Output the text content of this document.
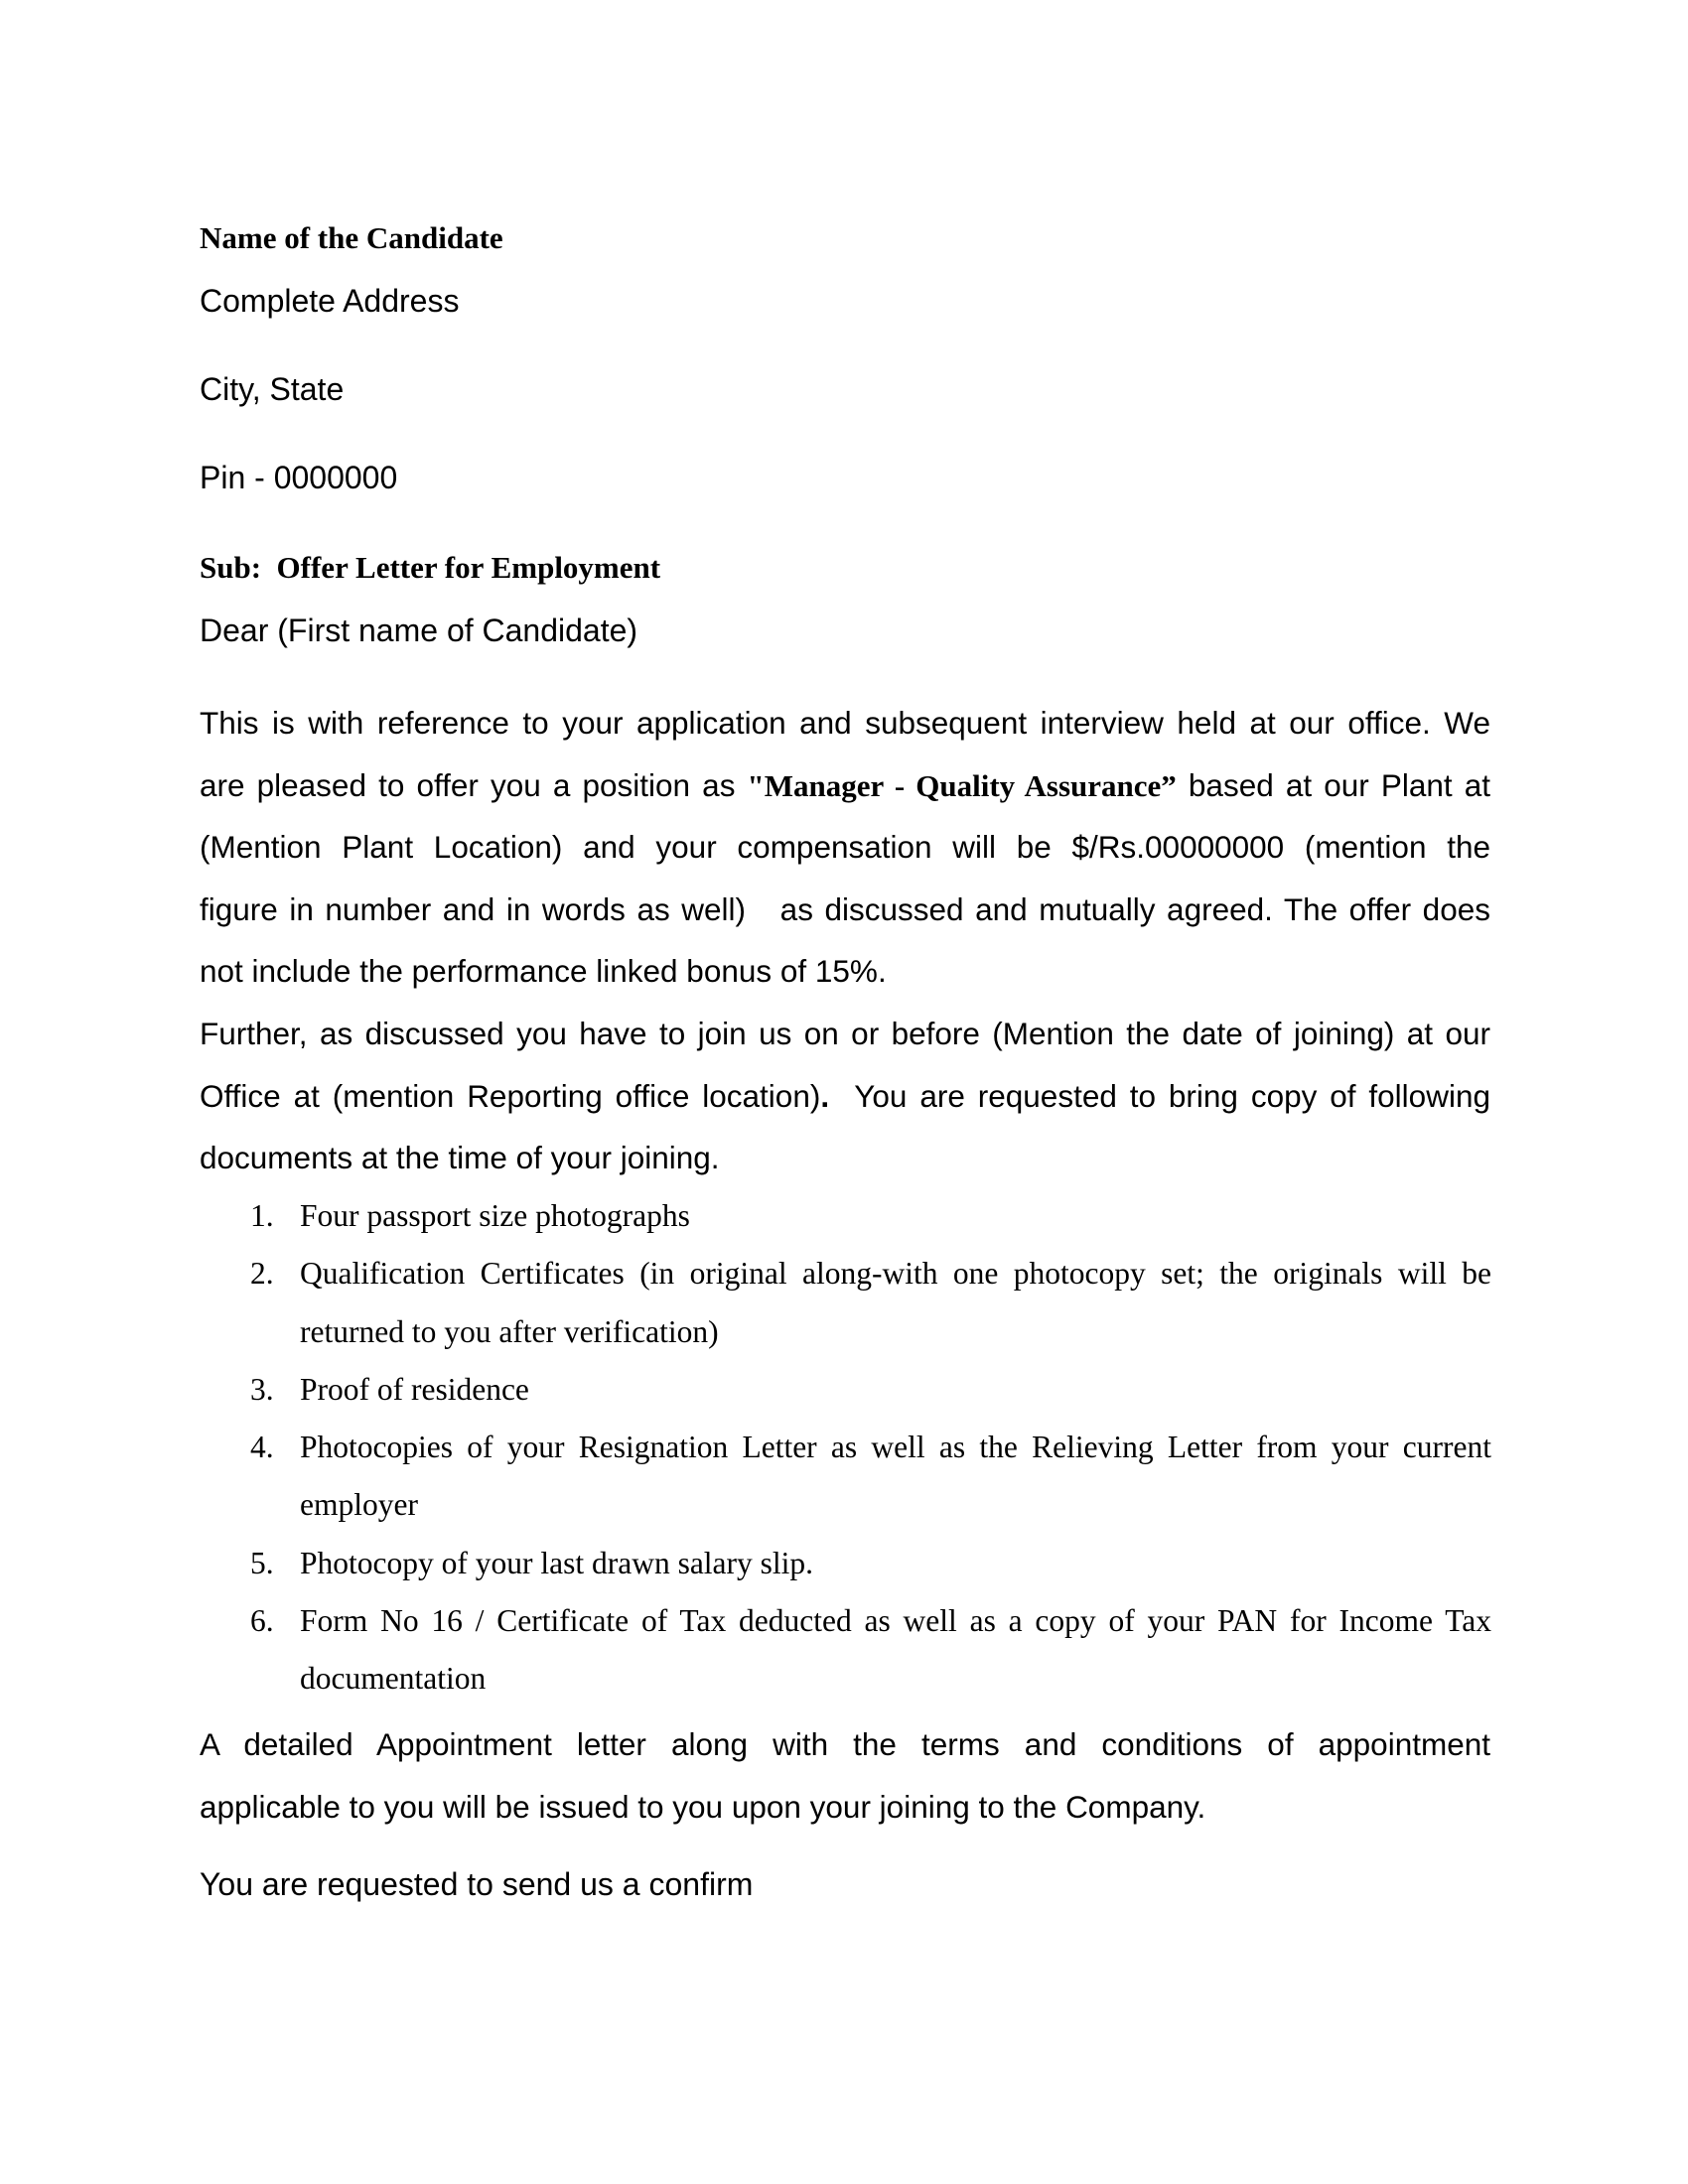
Name of the Candidate
Complete Address
City, State
Pin - 0000000
Sub:  Offer Letter for Employment
Dear (First name of Candidate)
This is with reference to your application and subsequent interview held at our office. We
are pleased to offer you a position as "Manager - Quality Assurance” based at our Plant at
(Mention Plant Location) and your compensation will be $/Rs.00000000 (mention the
figure in number and in words as well)   as discussed and mutually agreed. The offer does
not include the performance linked bonus of 15%.
Further, as discussed you have to join us on or before (Mention the date of joining) at our
Office at (mention Reporting office location).  You are requested to bring copy of following
documents at the time of your joining.
1. Four passport size photographs
2. Qualification Certificates (in original along-with one photocopy set; the originals will be returned to you after verification)
3. Proof of residence
4. Photocopies of your Resignation Letter as well as the Relieving Letter from your current employer
5. Photocopy of your last drawn salary slip.
6. Form No 16 / Certificate of Tax deducted as well as a copy of your PAN for Income Tax documentation
A detailed Appointment letter along with the terms and conditions of appointment
applicable to you will be issued to you upon your joining to the Company.
You are requested to send us a confirm
